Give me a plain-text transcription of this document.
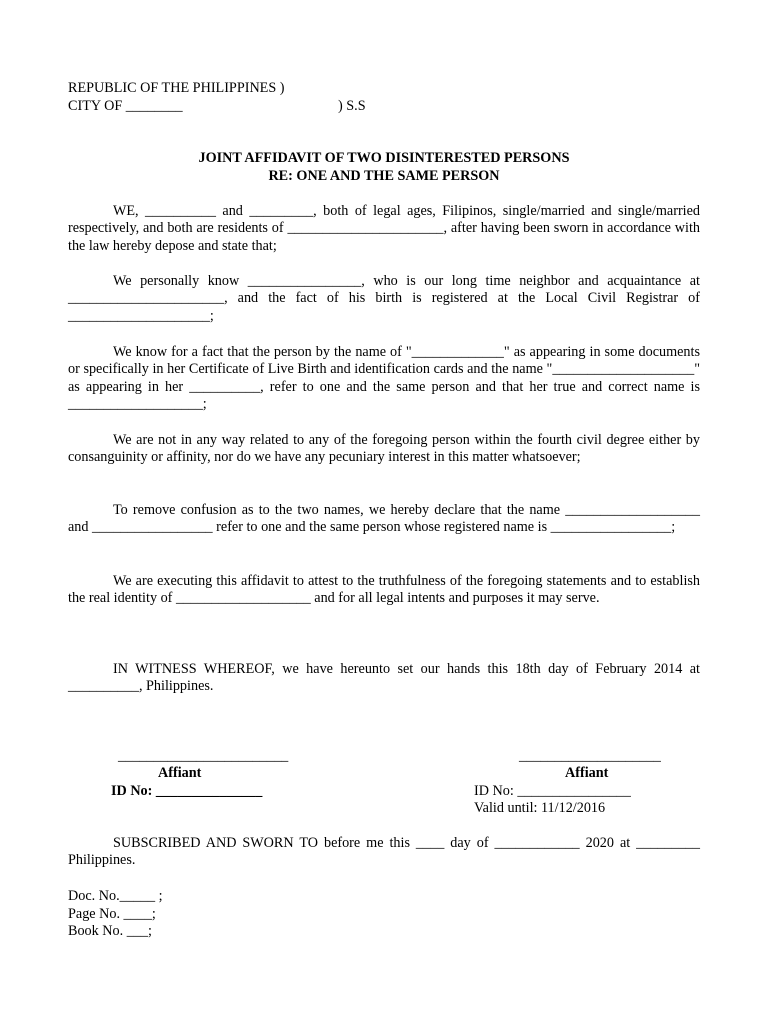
REPUBLIC OF THE PHILIPPINES )
CITY OF ________	) S.S
JOINT AFFIDAVIT OF TWO DISINTERESTED PERSONS
RE: ONE AND THE SAME PERSON

WE, __________ and _________, both of legal ages, Filipinos, single/married and single/married respectively, and both are residents of ______________________, after having been sworn in accordance with the law hereby depose and state that;

We personally know ________________, who is our long time neighbor and acquaintance at ______________________, and the fact of his birth is registered at the Local Civil Registrar of ____________________;

We know for a fact that the person by the name of "_____________" as appearing in some documents or specifically in her Certificate of Live Birth and identification cards and the name "____________________" as appearing in her __________, refer to one and the same person and that her true and correct name is ___________________;

We are not in any way related to any of the foregoing person within the fourth civil degree either by consanguinity or affinity, nor do we have any pecuniary interest in this matter whatsoever;

To remove confusion as to the two names, we hereby declare that the name ___________________ and _________________ refer to one and the same person whose registered name is _________________;

We are executing this affidavit to attest to the truthfulness of the foregoing statements and to establish the real identity of ___________________ and for all legal intents and purposes it may serve.

IN WITNESS WHEREOF, we have hereunto set our hands this 18th day of February 2014 at __________, Philippines.

________________________
Affiant
ID No: _______________
____________________
Affiant
ID No: ________________
Valid until: 11/12/2016

SUBSCRIBED AND SWORN TO before me this ____ day of ____________ 2020 at _________ Philippines.

Doc. No._____ ;
Page No. ____;
Book No. ___;
